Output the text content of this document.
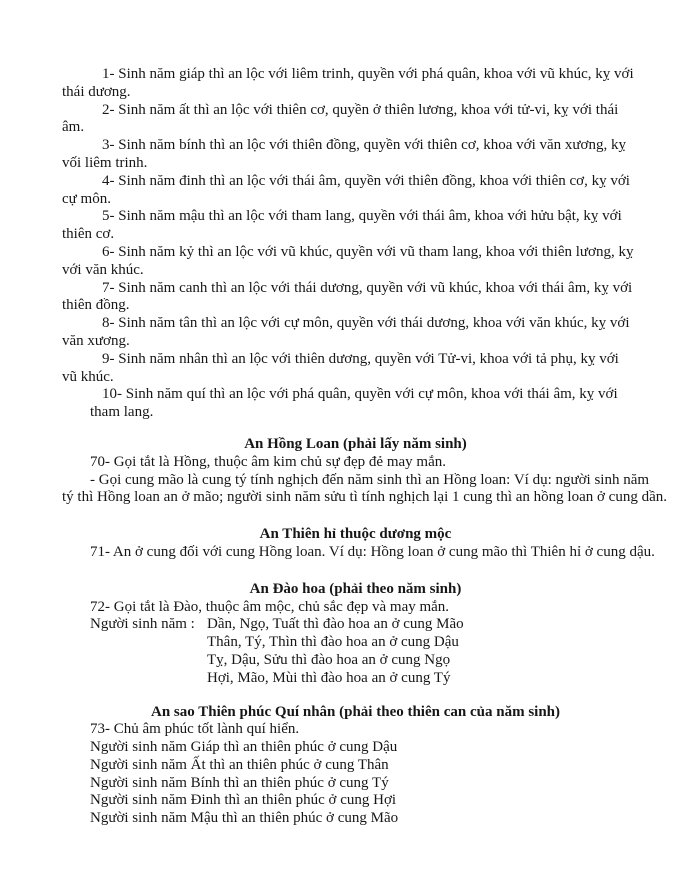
1- Sinh năm giáp thì an lộc với liêm trinh, quyền với phá quân, khoa với vũ khúc, kỵ với
thái dương.
2- Sinh năm ất thì an lộc với thiên cơ, quyền ở thiên lương, khoa với tử-vi, kỵ với thái
âm.
3- Sinh năm bính thì an lộc với thiên đồng, quyền với thiên cơ, khoa với văn xương, kỵ
vối liêm trinh.
4- Sinh năm đinh thì an lộc với thái âm, quyền với thiên đồng, khoa với thiên cơ, kỵ với
cự môn.
5- Sinh năm mậu thì an lộc với tham lang, quyền với thái âm, khoa với hửu bật, kỵ với
thiên cơ.
6- Sinh năm kỷ thì an lộc với vũ khúc, quyền với vũ tham lang, khoa với thiên lương, kỵ
với văn khúc.
7- Sinh năm canh thì an lộc với thái dương, quyền với vũ khúc, khoa với thái âm, kỵ với
thiên đồng.
8- Sinh năm tân thì an lộc với cự môn, quyền với thái dương, khoa với văn khúc, kỵ với
văn xương.
9- Sinh năm nhân thì an lộc với thiên dương, quyền với Tử-vi, khoa với tả phụ, kỵ với
vũ khúc.
10- Sinh năm quí thì an lộc với phá quân, quyền với cự môn, khoa với thái âm, kỵ với
tham lang.
An Hồng Loan (phải lấy năm sinh)
70- Gọi tắt là Hồng, thuộc âm kim chủ sự đẹp đẻ may mắn.
- Gọi cung mão là cung tý tính nghịch đến năm sinh thì an Hồng loan: Ví dụ: người sinh năm
tý thì Hồng loan an ở mão; người sinh năm sửu tì tính nghịch lại 1 cung thì an hồng loan ở cung dần.
An Thiên hỉ thuộc dương mộc
71- An ở cung đối với cung Hồng loan. Ví dụ: Hồng loan ở cung mão thì Thiên hỉ ở cung dậu.
An Đào hoa (phải theo năm sinh)
72- Gọi tắt là Đào, thuộc âm mộc, chủ sắc đẹp và may mắn.
Người sinh năm : Dần, Ngọ, Tuất thì đào hoa an ở cung Mão
Thân, Tý, Thìn thì đào hoa an ở cung Dậu
Tỵ, Dậu, Sửu thì đào hoa an ở cung Ngọ
Hợi, Mão, Mùi thì đào hoa an ở cung Tý
An sao Thiên phúc Quí nhân (phải theo thiên can của năm sinh)
73- Chủ âm phúc tốt lành quí hiển.
Người sinh năm Giáp thì an thiên phúc ở cung Dậu
Người sinh năm Ất thì an thiên phúc ở cung Thân
Người sinh năm Bính thì an thiên phúc ở cung Tý
Người sinh năm Đinh thì an thiên phúc ở cung Hợi
Người sinh năm Mậu thì an thiên phúc ở cung Mão
